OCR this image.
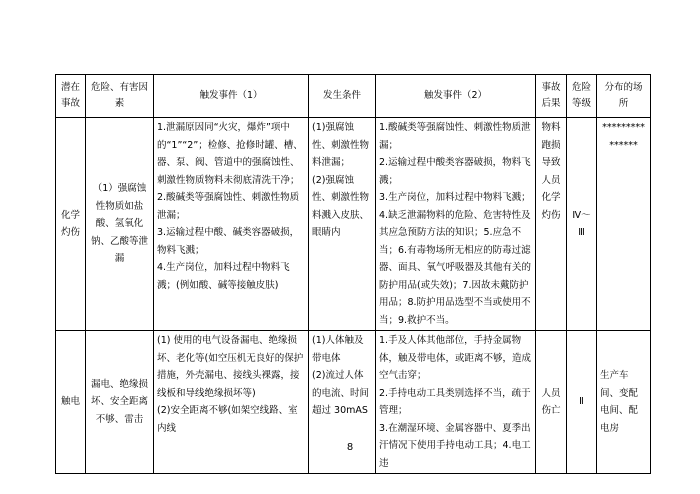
潜在
事故	危险、有害因
素	触发事件（1）	发生条件	触发事件（2）	事故
后果	危险
等级	分布的场所
化学
灼伤	（1）强腐蚀性物质如盐酸、氢氧化钠、乙酸等泄漏	1.泄漏原因同“火灾，爆炸”项中的“1”“2”；检修、抢修时罐、槽、器、泵、阀、管道中的强腐蚀性、刺激性物质物料未彻底清洗干净；
2.酸碱类等强腐蚀性、刺激性物质泄漏；
3.运输过程中酸、碱类容器破损，物料飞溅；
4.生产岗位，加料过程中物料飞溅；(例如酸、碱等接触皮肤)	(1)强腐蚀性、刺激性物料泄漏；
(2)强腐蚀性、刺激性物料溅入皮肤、眼睛内	1.酸碱类等强腐蚀性、刺激性物质泄漏；
2.运输过程中酸类容器破损，物料飞溅；
3.生产岗位，加料过程中物料飞溅；4.缺乏泄漏物料的危险、危害特性及其应急预防方法的知识；5.应急不当；6.有毒物场所无相应的防毒过滤器、面具、氧气呼吸器及其他有关的防护用品(或失效)；7.因故未戴防护用品；8.防护用品选型不当或使用不当；9.救护不当。	物料跑损导致人员化学灼伤	Ⅳ～
Ⅲ	*********
******
触电	漏电、绝缘损坏、安全距离不够、雷击	(1) 使用的电气设备漏电、绝缘损坏、老化等(如空压机无良好的保护措施，外壳漏电、接线头裸露，接线板和导线绝缘损坏等)
(2)安全距离不够(如架空线路、室内线	(1)人体触及带电体
(2)流过人体的电流、时间超过 30mAS	1.手及人体其他部位，手持金属物体，触及带电体，或距离不够，造成空气击穿；
2.手持电动工具类别选择不当，疏于管理；
3.在潮湿环境、金属容器中、夏季出汗情况下使用手持电动工具；4.电工违	人员
伤亡	Ⅱ	生产车间、变配电间、配电房
8
